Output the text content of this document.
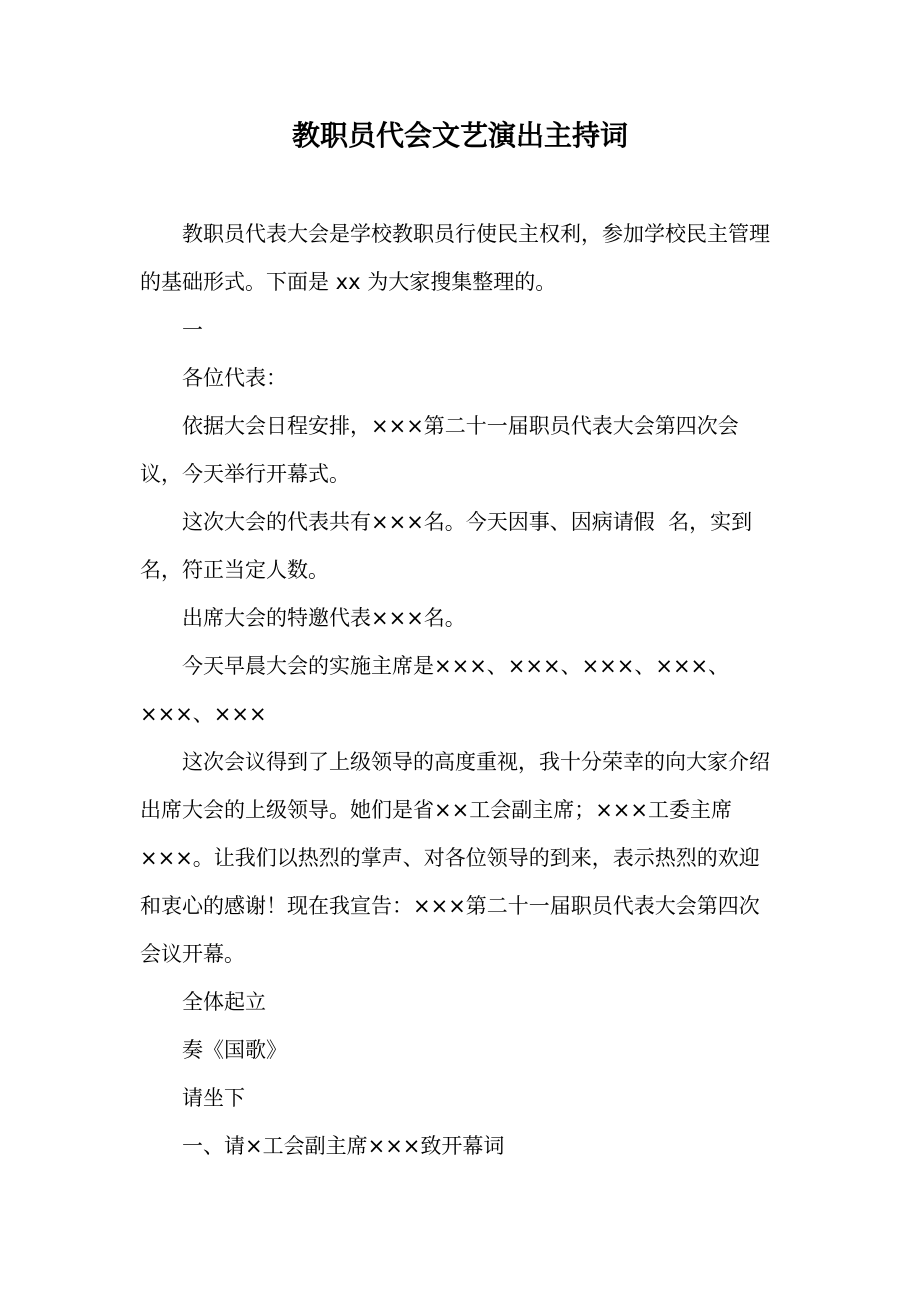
教职员代会文艺演出主持词

教职员代表大会是学校教职员行使民主权利，参加学校民主管理的基础形式。下面是 xx 为大家搜集整理的。

一

各位代表：

依据大会日程安排，×××第二十一届职员代表大会第四次会议，今天举行开幕式。

这次大会的代表共有×××名。今天因事、因病请假  名，实到  名，符正当定人数。

出席大会的特邀代表×××名。

今天早晨大会的实施主席是×××、×××、×××、×××、×××、×××

这次会议得到了上级领导的高度重视，我十分荣幸的向大家介绍出席大会的上级领导。她们是省××工会副主席；×××工委主席×××。让我们以热烈的掌声、对各位领导的到来，表示热烈的欢迎和衷心的感谢！现在我宣告：×××第二十一届职员代表大会第四次会议开幕。

全体起立

奏《国歌》

请坐下

一、请×工会副主席×××致开幕词
